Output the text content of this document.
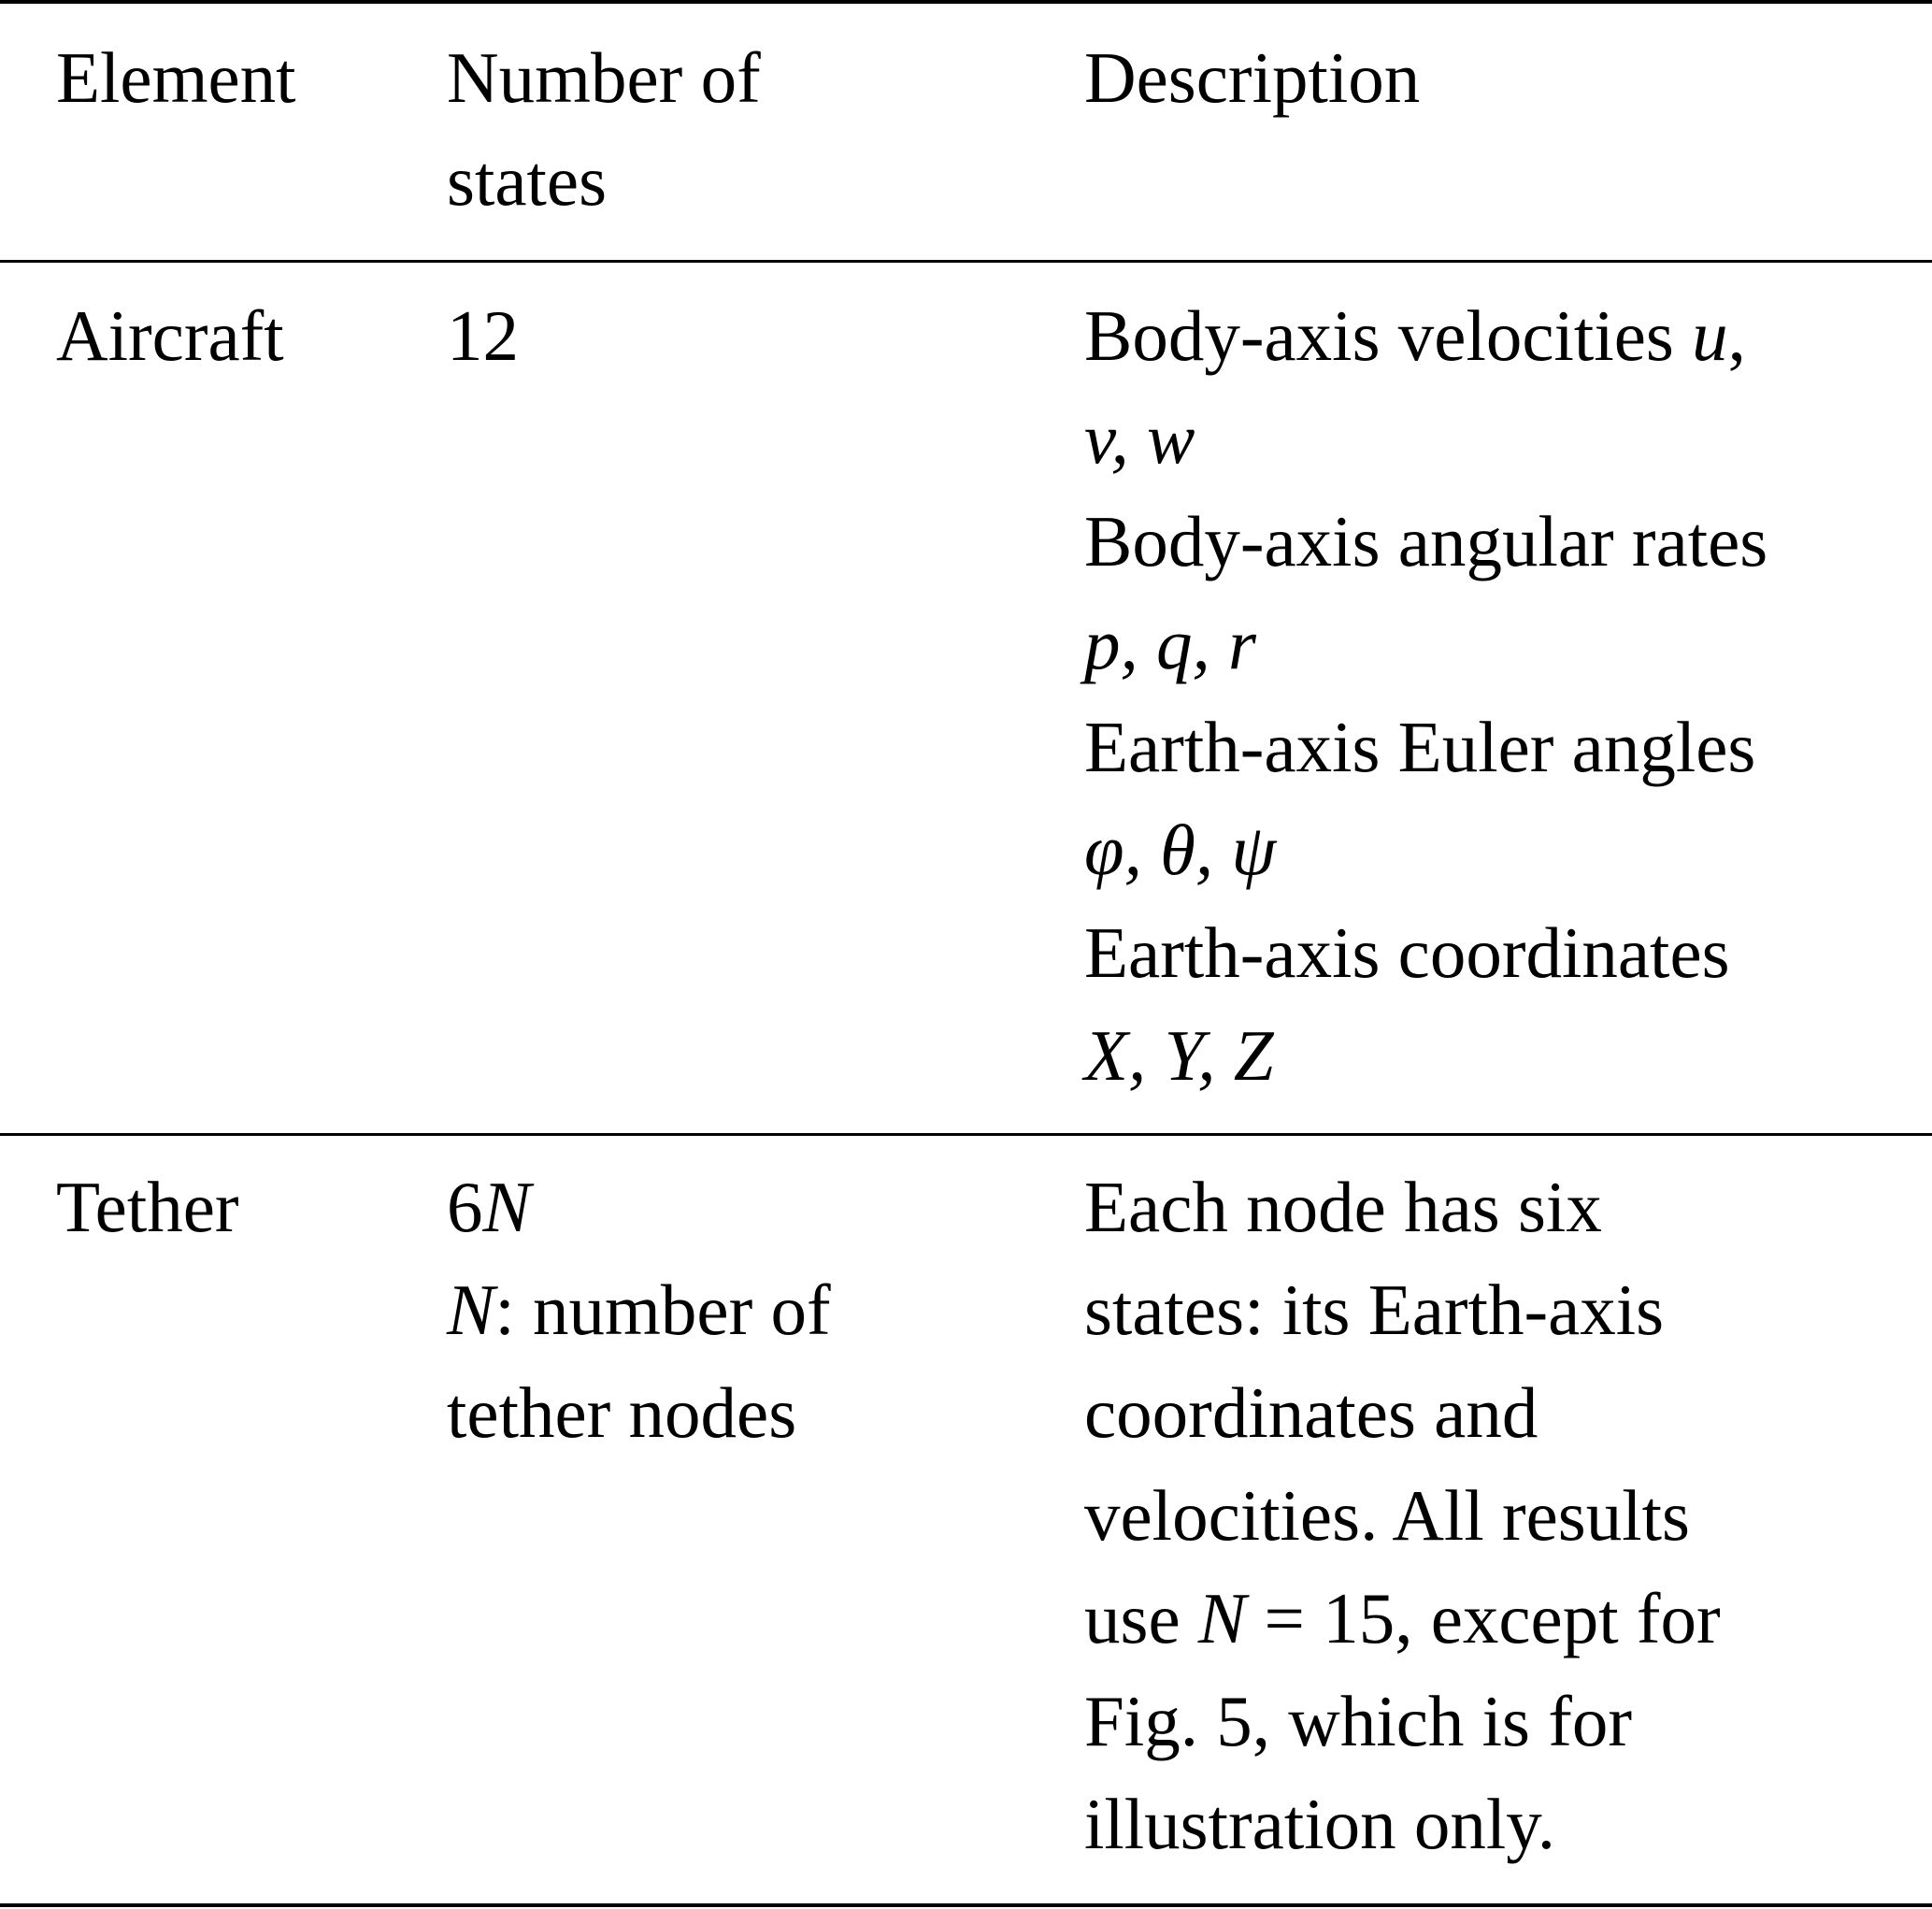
Element Number of
states
Description
Aircraft 12	Body-axis velocities u,
v, w
Body-axis angular rates
p, q, r
Earth-axis Euler angles
φ, θ, ψ
Earth-axis coordinates
X, Y, Z
Tether	6N
N: number of
tether nodes
Each node has six
states: its Earth-axis
coordinates and
velocities. All results
use N = 15, except for
Fig. 5, which is for
illustration only.
